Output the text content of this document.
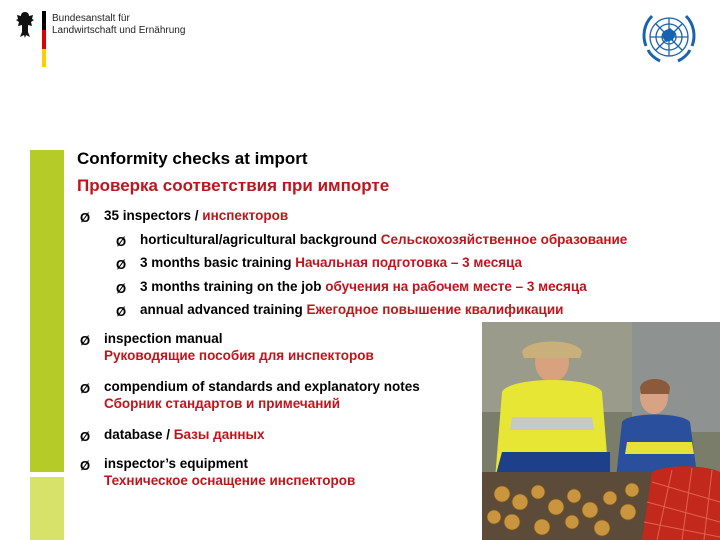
Bundesanstalt für
Landwirtschaft und Ernährung
Conformity checks at import
Проверка соответствия при импорте
Ø 35 inspectors / инспекторов
Ø horticultural/agricultural background Сельскохозяйственное образование
Ø 3 months basic training Начальная подготовка – 3 месяца
Ø 3 months training on the job обучения на рабочем месте – 3 месяца
Ø annual advanced training Ежегодное повышение квалификации
Ø inspection manual
Руководящие пособия для инспекторов
Ø compendium of standards and explanatory notes
Сборник стандартов и примечаний
Ø database / Базы данных
Ø inspector’s equipment
Техническое оснащение инспекторов
